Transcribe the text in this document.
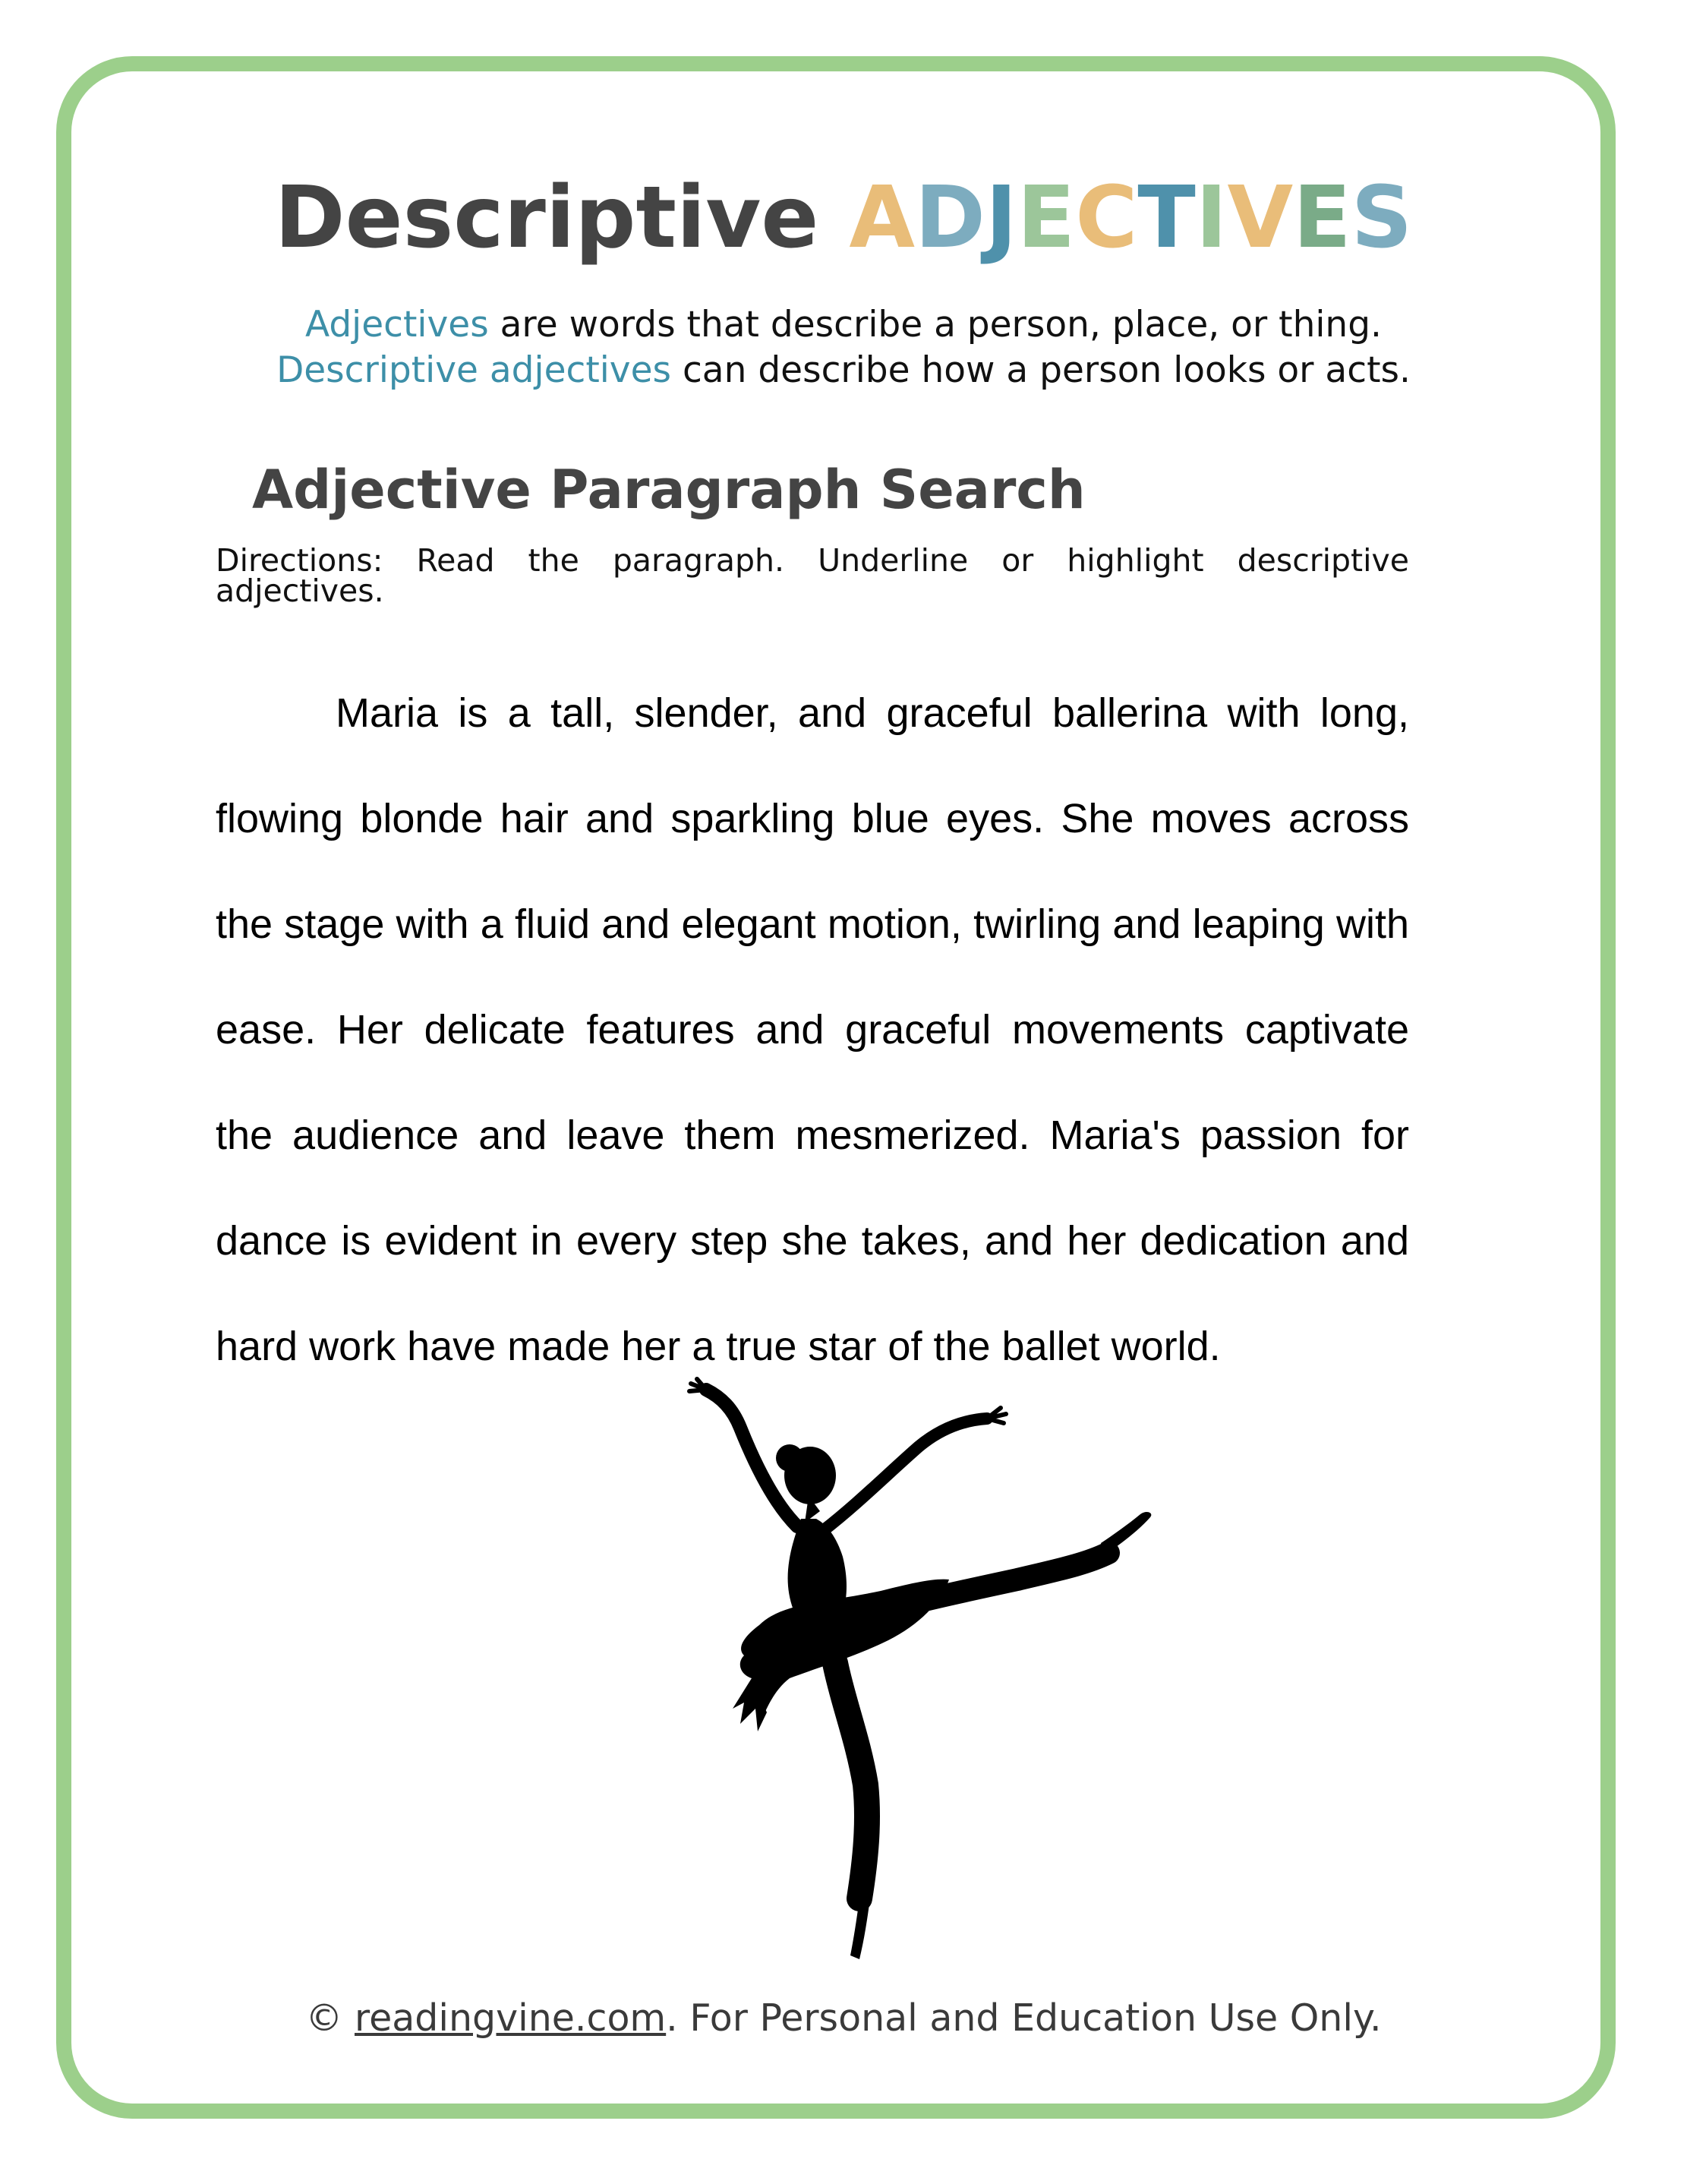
Descriptive ADJECTIVES
Adjectives are words that describe a person, place, or thing.
Descriptive adjectives can describe how a person looks or acts.
Adjective Paragraph Search
Directions: Read the paragraph. Underline or highlight descriptive adjectives.

Maria is a tall, slender, and graceful ballerina with long, flowing blonde hair and sparkling blue eyes. She moves across the stage with a fluid and elegant motion, twirling and leaping with ease. Her delicate features and graceful movements captivate the audience and leave them mesmerized. Maria's passion for dance is evident in every step she takes, and her dedication and hard work have made her a true star of the ballet world.

© readingvine.com. For Personal and Education Use Only.
